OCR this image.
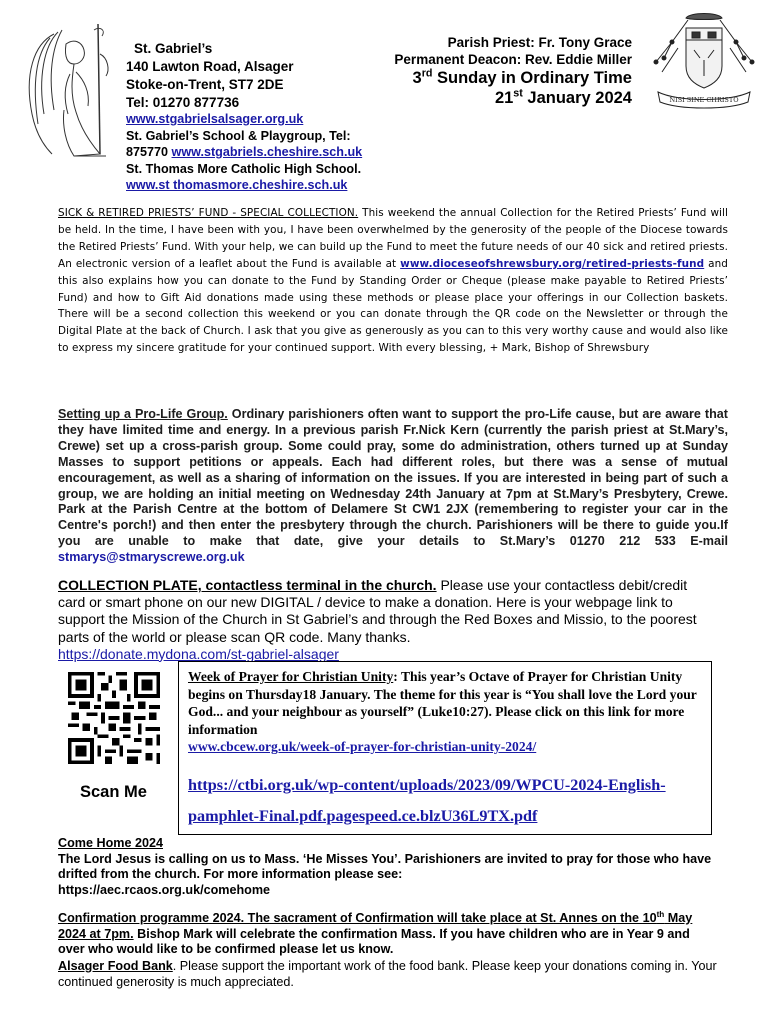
NISI SINE CHRISTO
St. Gabriel’s
140 Lawton Road, Alsager
Stoke-on-Trent, ST7 2DE
Tel: 01270 877736
Parish Priest: Fr. Tony Grace
Permanent Deacon: Rev. Eddie Miller
3rd Sunday in Ordinary Time
21st January 2024
www.stgabrielsalsager.org.uk
St. Gabriel’s School & Playgroup, Tel:
875770 www.stgabriels.cheshire.sch.uk
St. Thomas More Catholic High School.
www.st thomasmore.cheshire.sch.uk
SICK & RETIRED PRIESTS’ FUND - SPECIAL COLLECTION. This weekend the annual Collection for the Retired Priests’ Fund will be held. In the time, I have been with you, I have been overwhelmed by the generosity of the people of the Diocese towards the Retired Priests’ Fund. With your help, we can build up the Fund to meet the future needs of our 40 sick and retired priests. An electronic version of a leaflet about the Fund is available at www.dioceseofshrewsbury.org/retired-priests-fund and this also explains how you can donate to the Fund by Standing Order or Cheque (please make payable to Retired Priests’ Fund) and how to Gift Aid donations made using these methods or please place your offerings in our Collection baskets. There will be a second collection this weekend or you can donate through the QR code on the Newsletter or through the Digital Plate at the back of Church. I ask that you give as generously as you can to this very worthy cause and would also like to express my sincere gratitude for your continued support. With every blessing, + Mark, Bishop of Shrewsbury
Setting up a Pro-Life Group. Ordinary parishioners often want to support the pro-Life cause, but are aware that they have limited time and energy. In a previous parish Fr.Nick Kern (currently the parish priest at St.Mary’s, Crewe) set up a cross-parish group. Some could pray, some do administration, others turned up at Sunday Masses to support petitions or appeals. Each had different roles, but there was a sense of mutual encouragement, as well as a sharing of information on the issues. If you are interested in being part of such a group, we are holding an initial meeting on Wednesday 24th January at 7pm at St.Mary’s Presbytery, Crewe. Park at the Parish Centre at the bottom of Delamere St CW1 2JX (remembering to register your car in the Centre's porch!) and then enter the presbytery through the church. Parishioners will be there to guide you.If you are unable to make that date, give your details to St.Mary’s 01270 212 533 E-mail stmarys@stmaryscrewe.org.uk
COLLECTION PLATE, contactless terminal in the church. Please use your contactless debit/credit card or smart phone on our new DIGITAL / device to make a donation. Here is your webpage link to support the Mission of the Church in St Gabriel’s and through the Red Boxes and Missio, to the poorest parts of the world or please scan QR code. Many thanks.
https://donate.mydona.com/st-gabriel-alsager
Scan Me
Week of Prayer for Christian Unity: This year’s Octave of Prayer for Christian Unity begins on Thursday18 January. The theme for this year is “You shall love the Lord your God... and your neighbour as yourself” (Luke10:27). Please click on this link for more information
www.cbcew.org.uk/week-of-prayer-for-christian-unity-2024/
https://ctbi.org.uk/wp-content/uploads/2023/09/WPCU-2024-English-pamphlet-Final.pdf.pagespeed.ce.blzU36L9TX.pdf
Come Home 2024
The Lord Jesus is calling on us to Mass. ‘He Misses You’. Parishioners are invited to pray for those who have drifted from the church. For more information please see:
https://aec.rcaos.org.uk/comehome
Confirmation programme 2024. The sacrament of Confirmation will take place at St. Annes on the 10th May 2024 at 7pm. Bishop Mark will celebrate the confirmation Mass. If you have children who are in Year 9 and over who would like to be confirmed please let us know.
Alsager Food Bank. Please support the important work of the food bank. Please keep your donations coming in. Your continued generosity is much appreciated.
